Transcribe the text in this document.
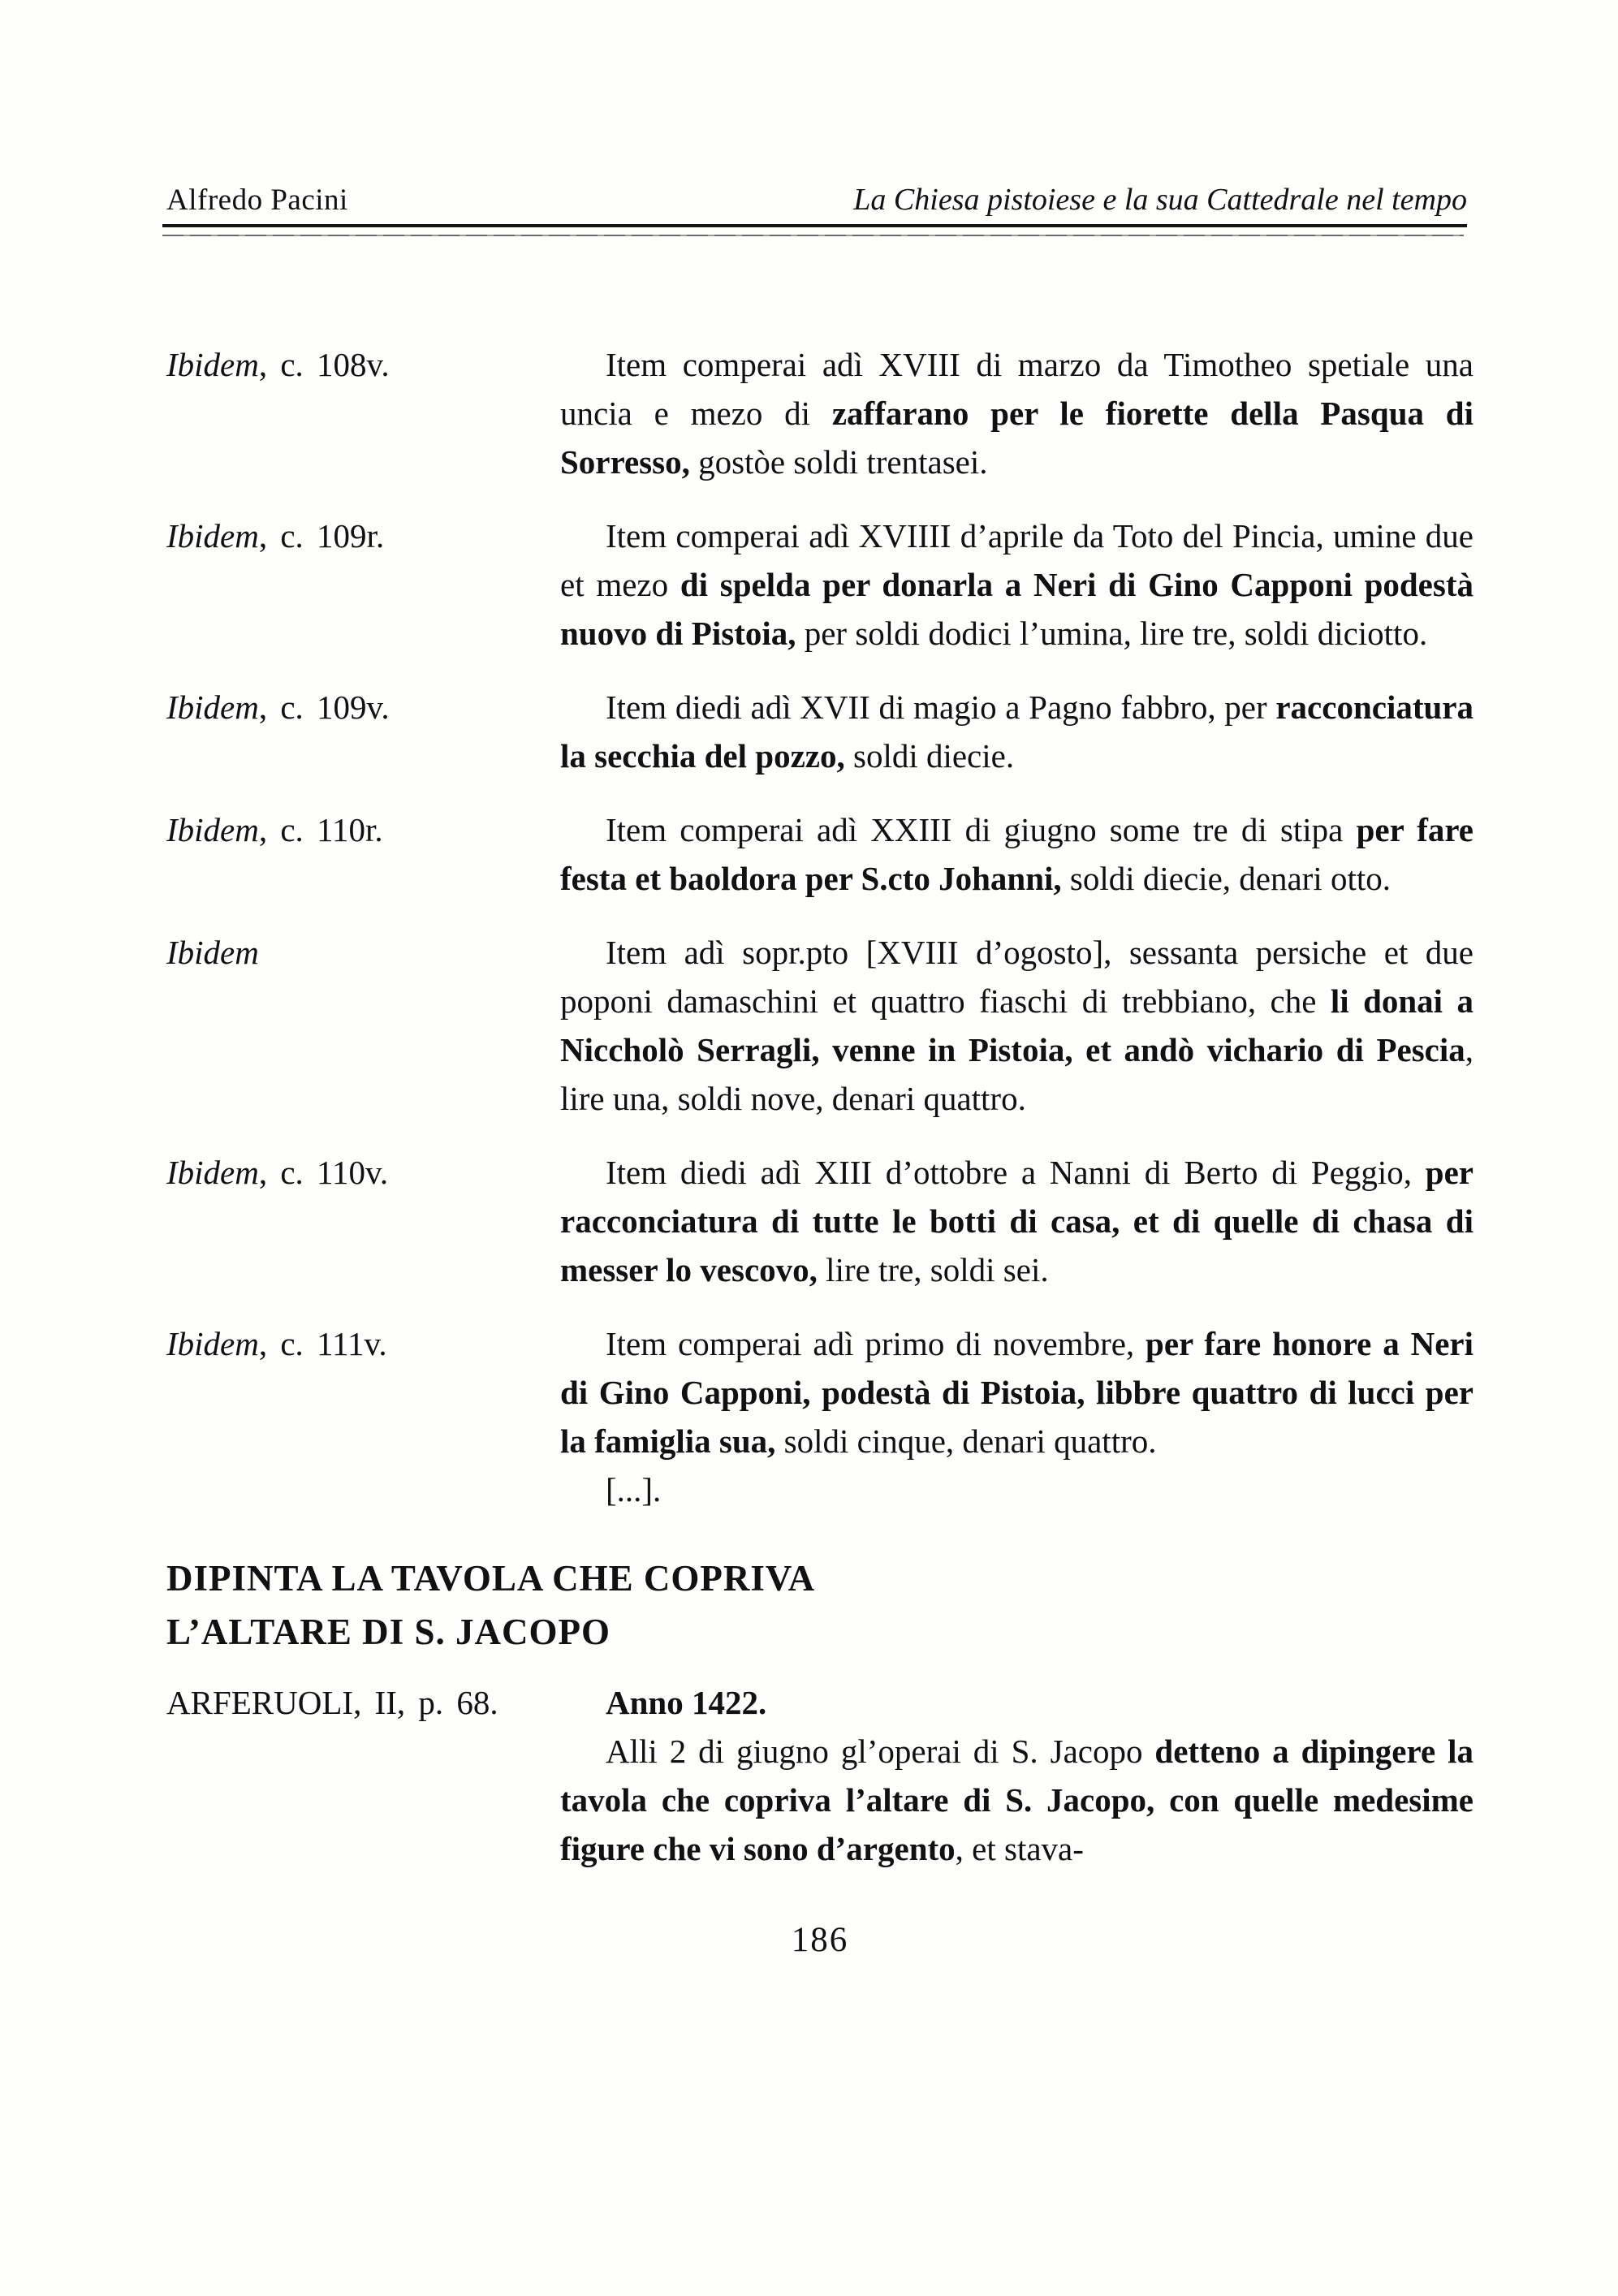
Alfredo Pacini	La Chiesa pistoiese e la sua Cattedrale nel tempo
Ibidem, c. 108v.	Item comperai adì XVIII di marzo da Timotheo spetiale una uncia e mezo di zaffarano per le fiorette della Pasqua di Sorresso, gostòe soldi trentasei.

Ibidem, c. 109r.	Item comperai adì XVIIII d’aprile da Toto del Pincia, umine due et mezo di spelda per donarla a Neri di Gino Capponi podestà nuovo di Pistoia, per soldi dodici l’umina, lire tre, soldi diciotto.

Ibidem, c. 109v.	Item diedi adì XVII di magio a Pagno fabbro, per racconciatura la secchia del pozzo, soldi diecie.

Ibidem, c. 110r.	Item comperai adì XXIII di giugno some tre di stipa per fare festa et baoldora per S.cto Johanni, soldi diecie, denari otto.

Ibidem	Item adì sopr.pto [XVIII d’ogosto], sessanta persiche et due poponi damaschini et quattro fiaschi di trebbiano, che li donai a Niccholò Serragli, venne in Pistoia, et andò vichario di Pescia, lire una, soldi nove, denari quattro.

Ibidem, c. 110v.	Item diedi adì XIII d’ottobre a Nanni di Berto di Peggio, per racconciatura di tutte le botti di casa, et di quelle di chasa di messer lo vescovo, lire tre, soldi sei.

Ibidem, c. 111v.	Item comperai adì primo di novembre, per fare honore a Neri di Gino Capponi, podestà di Pistoia, libbre quattro di lucci per la famiglia sua, soldi cinque, denari quattro.

[...].

DIPINTA LA TAVOLA CHE COPRIVA
L’ALTARE DI S. JACOPO
ARFERUOLI, II, p. 68.	Anno 1422.

Alli 2 di giugno gl’operai di S. Jacopo detteno a dipingere la tavola che copriva l’altare di S. Jacopo, con quelle medesime figure che vi sono d’argento, et stava-

186
